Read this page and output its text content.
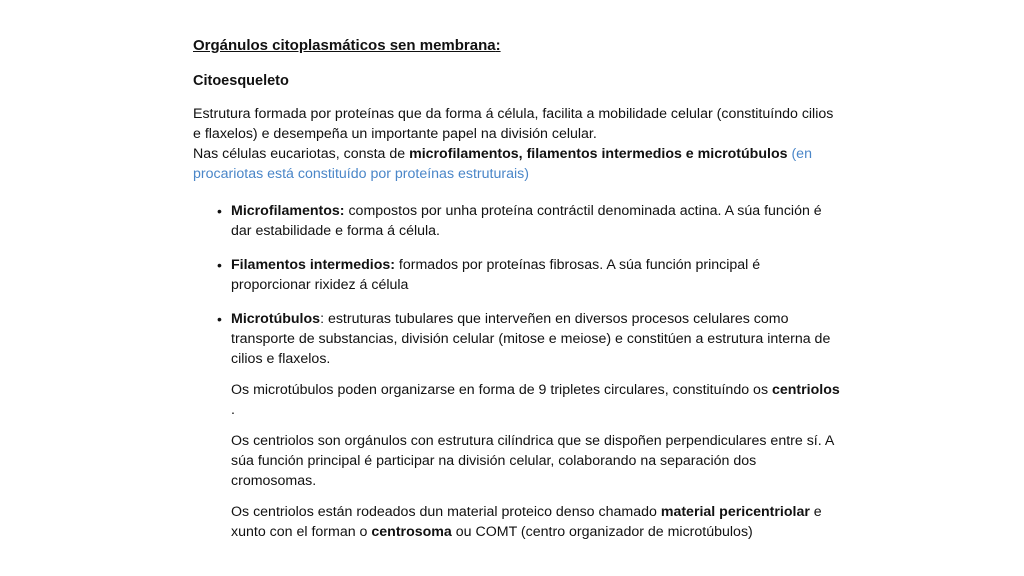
Orgánulos citoplasmáticos sen membrana:
Citoesqueleto
Estrutura formada por proteínas que da forma á célula, facilita a mobilidade celular (constituíndo cilios e flaxelos) e desempeña un importante papel na división celular.
Nas células eucariotas, consta de microfilamentos, filamentos intermedios e microtúbulos (en procariotas está constituído por proteínas estruturais)
• Microfilamentos: compostos por unha proteína contráctil denominada actina. A súa función é dar estabilidade e forma á célula.
• Filamentos intermedios: formados por proteínas fibrosas. A súa función principal é proporcionar rixidez á célula
• Microtúbulos: estruturas tubulares que interveñen en diversos procesos celulares como transporte de substancias, división celular (mitose e meiose) e constitúen a estrutura interna de cilios e flaxelos.
Os microtúbulos poden organizarse en forma de 9 tripletes circulares, constituíndo os centriolos .
Os centriolos son orgánulos con estrutura cilíndrica que se dispoñen perpendiculares entre sí. A súa función principal é participar na división celular, colaborando na separación dos cromosomas.
Os centriolos están rodeados dun material proteico denso chamado material pericentriolar e xunto con el forman o centrosoma ou COMT (centro organizador de microtúbulos)
